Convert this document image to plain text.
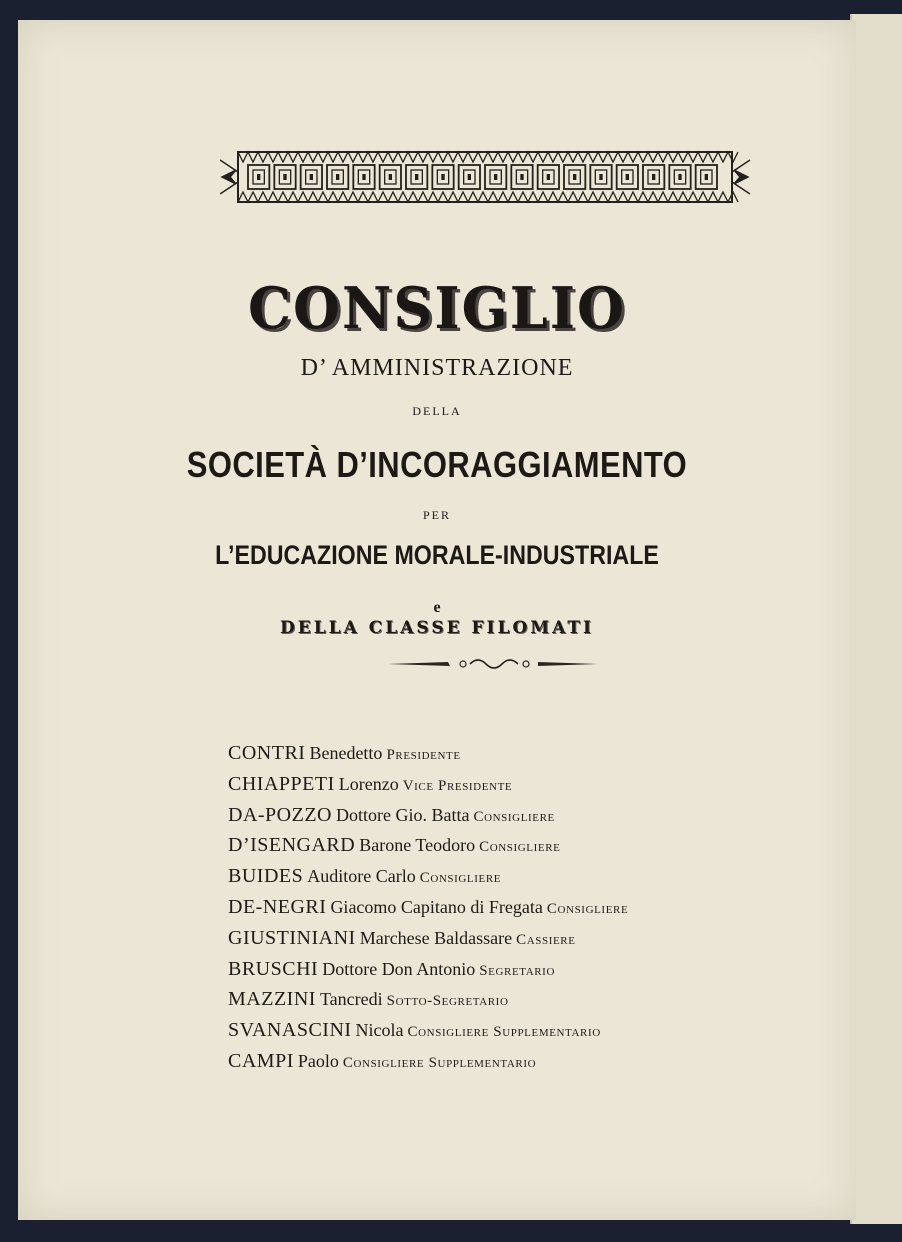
CONSIGLIO
D’ AMMINISTRAZIONE
DELLA
SOCIETÀ D’INCORAGGIAMENTO
PER
L’EDUCAZIONE MORALE-INDUSTRIALE
e
DELLA CLASSE FILOMATI
CONTRI Benedetto Presidente
CHIAPPETI Lorenzo Vice Presidente
DA-POZZO Dottore Gio. Batta Consigliere
D’ISENGARD Barone Teodoro Consigliere
BUIDES Auditore Carlo Consigliere
DE-NEGRI Giacomo Capitano di Fregata Consigliere
GIUSTINIANI Marchese Baldassare Cassiere
BRUSCHI Dottore Don Antonio Segretario
MAZZINI Tancredi Sotto-Segretario
SVANASCINI Nicola Consigliere Supplementario
CAMPI Paolo Consigliere Supplementario
